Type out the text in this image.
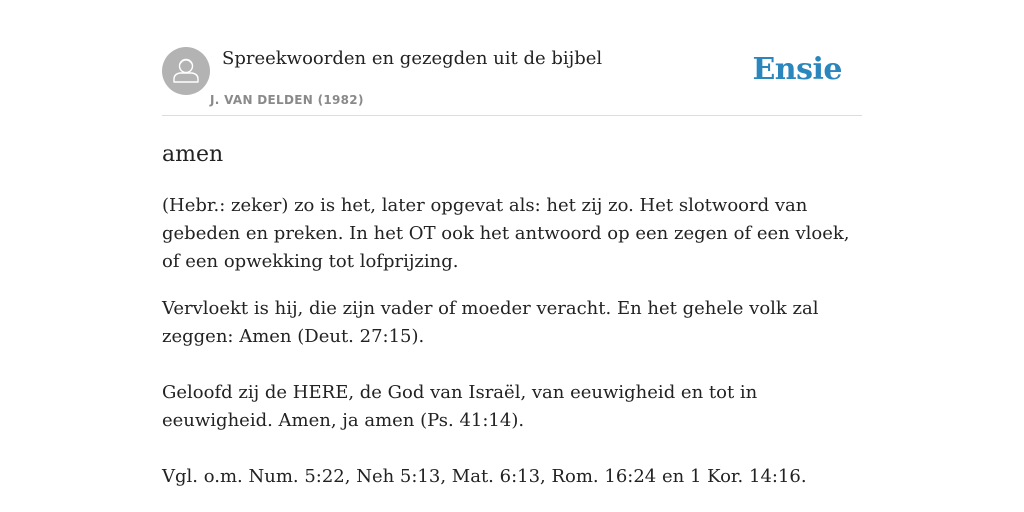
Spreekwoorden en gezegden uit de bijbel
J. VAN DELDEN (1982)
Ensie
amen

(Hebr.: zeker) zo is het, later opgevat als: het zij zo. Het slotwoord van gebeden en preken. In het OT ook het antwoord op een zegen of een vloek, of een opwekking tot lofprijzing.

Vervloekt is hij, die zijn vader of moeder veracht. En het gehele volk zal zeggen: Amen (Deut. 27:15).

Geloofd zij de HERE, de God van Israël, van eeuwigheid en tot in eeuwigheid. Amen, ja amen (Ps. 41:14).

Vgl. o.m. Num. 5:22, Neh 5:13, Mat. 6:13, Rom. 16:24 en 1 Kor. 14:16.
